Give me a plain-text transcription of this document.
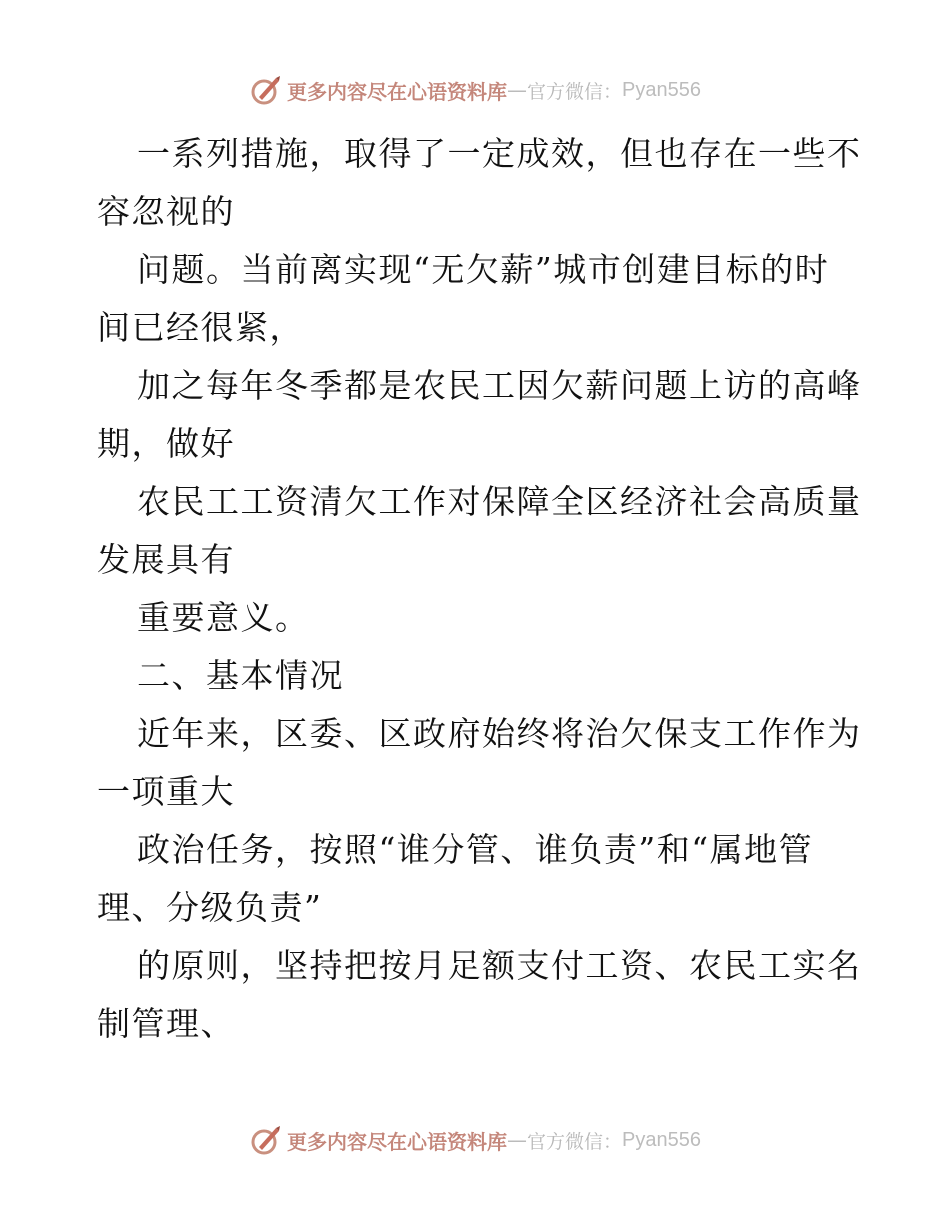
更多内容尽在心语资料库 — 官方微信： Pyan556
一系列措施，取得了一定成效，但也存在一些不
容忽视的
问题。当前离实现“无欠薪”城市创建目标的时
间已经很紧，
加之每年冬季都是农民工因欠薪问题上访的高峰
期，做好
农民工工资清欠工作对保障全区经济社会高质量
发展具有
重要意义。
二、基本情况
近年来，区委、区政府始终将治欠保支工作作为
一项重大
政治任务，按照“谁分管、谁负责”和“属地管
理、分级负责”
的原则，坚持把按月足额支付工资、农民工实名
制管理、
更多内容尽在心语资料库 — 官方微信： Pyan556
